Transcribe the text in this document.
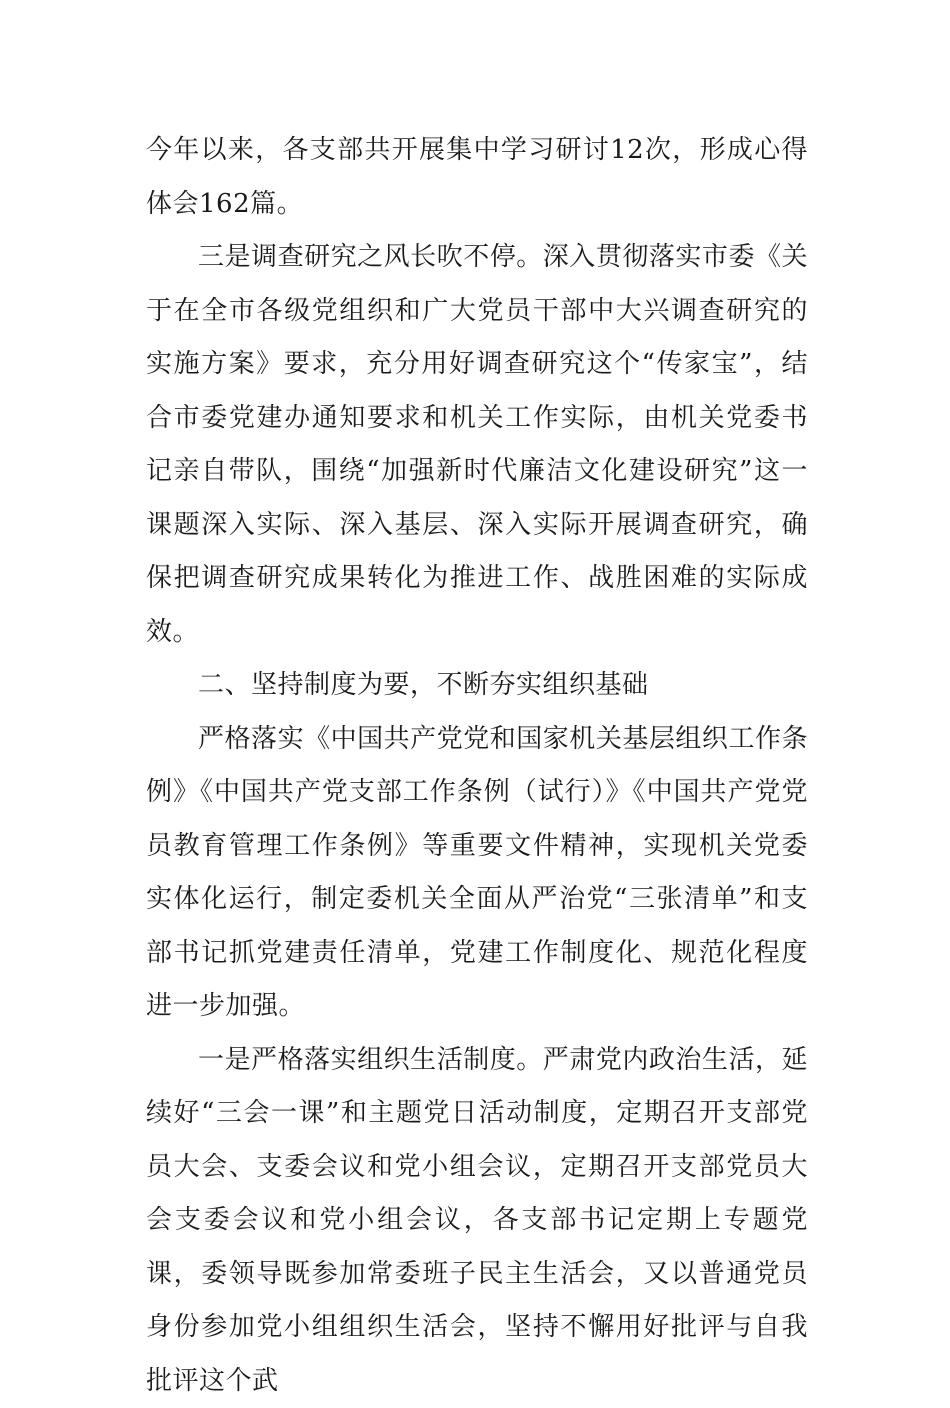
今年以来，各支部共开展集中学习研讨12次，形成心得体会162篇。

三是调查研究之风长吹不停。深入贯彻落实市委《关于在全市各级党组织和广大党员干部中大兴调查研究的实施方案》要求，充分用好调查研究这个“传家宝”，结合市委党建办通知要求和机关工作实际，由机关党委书记亲自带队，围绕“加强新时代廉洁文化建设研究”这一课题深入实际、深入基层、深入实际开展调查研究，确保把调查研究成果转化为推进工作、战胜困难的实际成效。

二、坚持制度为要，不断夯实组织基础

严格落实《中国共产党党和国家机关基层组织工作条例》《中国共产党支部工作条例（试行）》《中国共产党党员教育管理工作条例》等重要文件精神，实现机关党委实体化运行，制定委机关全面从严治党“三张清单”和支部书记抓党建责任清单，党建工作制度化、规范化程度进一步加强。

一是严格落实组织生活制度。严肃党内政治生活，延续好“三会一课”和主题党日活动制度，定期召开支部党员大会、支委会议和党小组会议，定期召开支部党员大会支委会议和党小组会议，各支部书记定期上专题党课，委领导既参加常委班子民主生活会，又以普通党员身份参加党小组组织生活会，坚持不懈用好批评与自我批评这个武
